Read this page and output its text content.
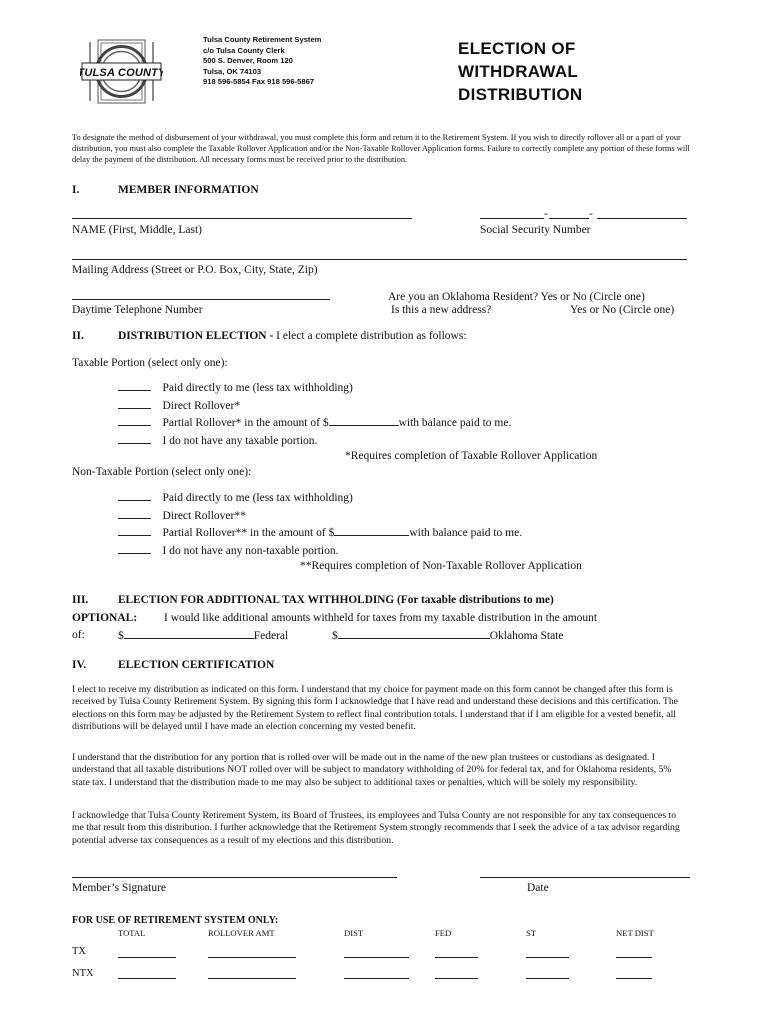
TULSA COUNTY
Tulsa County Retirement System
c/o Tulsa County Clerk
500 S. Denver, Room 120
Tulsa, OK 74103
918 596-5854 Fax 918 596-5867
ELECTION OF
WITHDRAWAL
DISTRIBUTION
To designate the method of disbursement of your withdrawal, you must complete this form and return it to the Retirement System. If you wish to directly rollover all or a part of your distribution, you must also complete the Taxable Rollover Application and/or the Non-Taxable Rollover Application forms. Failure to correctly complete any portion of these forms will delay the payment of the distribution. All necessary forms must be received prior to the distribution.
I.	MEMBER INFORMATION
NAME (First, Middle, Last)
-	-
Social Security Number
Mailing Address (Street or P.O. Box, City, State, Zip)
Daytime Telephone Number
Are you an Oklahoma Resident? Yes or No (Circle one)
Is this a new address?	Yes or No (Circle one)
II.	DISTRIBUTION ELECTION - I elect a complete distribution as follows:
Taxable Portion (select only one):
Paid directly to me (less tax withholding)
Direct Rollover*
Partial Rollover* in the amount of $	with balance paid to me.
I do not have any taxable portion.
*Requires completion of Taxable Rollover Application
Non-Taxable Portion (select only one):
Paid directly to me (less tax withholding)
Direct Rollover**
Partial Rollover** in the amount of $	with balance paid to me.
I do not have any non-taxable portion.
**Requires completion of Non-Taxable Rollover Application
III.	ELECTION FOR ADDITIONAL TAX WITHHOLDING (For taxable distributions to me)
OPTIONAL: I would like additional amounts withheld for taxes from my taxable distribution in the amount
of:	$	Federal	$	Oklahoma State
IV.	ELECTION CERTIFICATION
I elect to receive my distribution as indicated on this form. I understand that my choice for payment made on this form cannot be changed after this form is received by Tulsa County Retirement System. By signing this form I acknowledge that I have read and understand these decisions and this certification. The elections on this form may be adjusted by the Retirement System to reflect final contribution totals. I understand that if I am eligible for a vested benefit, all distributions will be delayed until I have made an election concerning my vested benefit.
I understand that the distribution for any portion that is rolled over will be made out in the name of the new plan trustees or custodians as designated. I understand that all taxable distributions NOT rolled over will be subject to mandatory withholding of 20% for federal tax, and for Oklahoma residents, 5% state tax. I understand that the distribution made to me may also be subject to additional taxes or penalties, which will be solely my responsibility.
I acknowledge that Tulsa County Retirement System, its Board of Trustees, its employees and Tulsa County are not responsible for any tax consequences to me that result from this distribution. I further acknowledge that the Retirement System strongly recommends that I seek the advice of a tax advisor regarding potential adverse tax consequences as a result of my elections and this distribution.
Member’s Signature	Date
FOR USE OF RETIREMENT SYSTEM ONLY:
TOTAL	ROLLOVER AMT	DIST	FED	ST	NET DIST
TX
NTX
